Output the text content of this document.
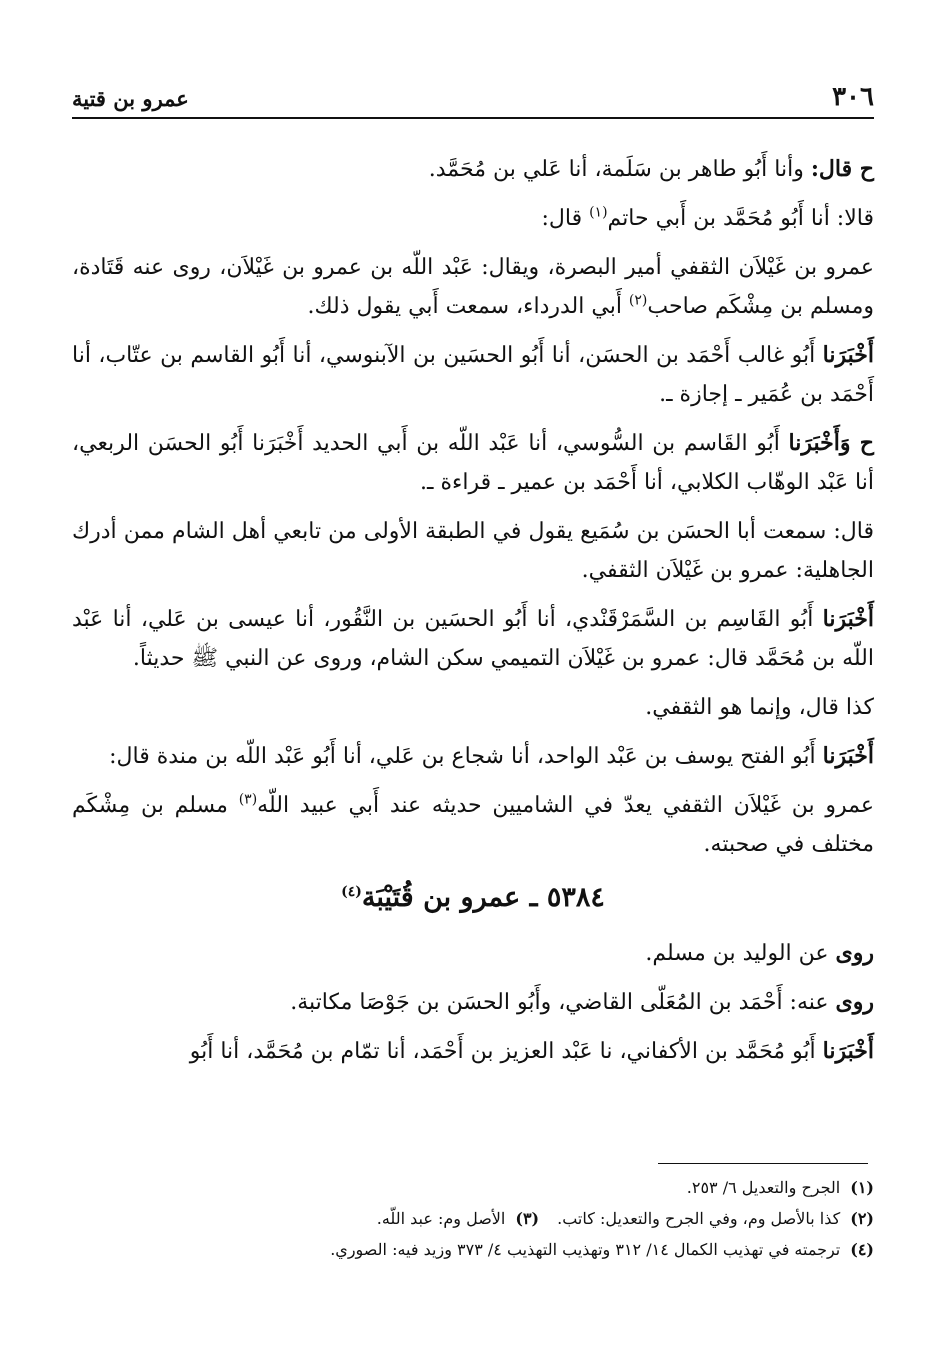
٣٠٦
عمرو بن قتية

ح قال: وأنا أَبُو طاهر بن سَلَمة، أنا عَلي بن مُحَمَّد.

قالا: أنا أَبُو مُحَمَّد بن أَبي حاتم$^{(١)}$ قال:

عمرو بن غَيْلاَن الثقفي أمير البصرة، ويقال: عَبْد اللّه بن عمرو بن غَيْلاَن، روى عنه قَتَادة، ومسلم بن مِشْكَم صاحب$^{(٢)}$ أَبي الدرداء، سمعت أَبي يقول ذلك.

أَخْبَرَنا أَبُو غالب أَحْمَد بن الحسَن، أنا أَبُو الحسَين بن الآبنوسي، أنا أَبُو القاسم بن عتّاب، أنا أَحْمَد بن عُمَير ـ إجازة ـ.

ح وَأَخْبَرَنا أَبُو القَاسم بن السُّوسي، أنا عَبْد اللّه بن أَبي الحديد أَخْبَرَنا أَبُو الحسَن الربعي، أنا عَبْد الوهّاب الكلابي، أنا أَحْمَد بن عمير ـ قراءة ـ.

قال: سمعت أبا الحسَن بن سُمَيع يقول في الطبقة الأولى من تابعي أهل الشام ممن أدرك الجاهلية: عمرو بن غَيْلاَن الثقفي.

أَخْبَرَنا أَبُو القَاسِم بن السَّمَرْقَنْدي، أنا أَبُو الحسَين بن النَّقُور، أنا عيسى بن عَلي، أنا عَبْد اللّه بن مُحَمَّد قال: عمرو بن غَيْلاَن التميمي سكن الشام، وروى عن النبي ﷺ حديثاً.

كذا قال، وإنما هو الثقفي.

أَخْبَرَنا أَبُو الفتح يوسف بن عَبْد الواحد، أنا شجاع بن عَلي، أنا أَبُو عَبْد اللّه بن مندة قال:

عمرو بن غَيْلاَن الثقفي يعدّ في الشاميين حديثه عند أَبي عبيد اللّه$^{(٣)}$ مسلم بن مِشْكَم مختلف في صحبته.

٥٣٨٤ ـ عمرو بن قُتَيْبَة$^{(٤)}$

روى عن الوليد بن مسلم.

روى عنه: أَحْمَد بن المُعَلّى القاضي، وأَبُو الحسَن بن جَوْصَا مكاتبة.

أَخْبَرَنا أَبُو مُحَمَّد بن الأكفاني، نا عَبْد العزيز بن أَحْمَد، أنا تمّام بن مُحَمَّد، أنا أَبُو

(١)الجرح والتعديل ٦/ ٢٥٣.
(٢)كذا بالأصل وم، وفي الجرح والتعديل: كاتب.(٣)الأصل وم: عبد اللّه.
(٤)ترجمته في تهذيب الكمال ١٤/ ٣١٢ وتهذيب التهذيب ٤/ ٣٧٣ وزيد فيه: الصوري.
